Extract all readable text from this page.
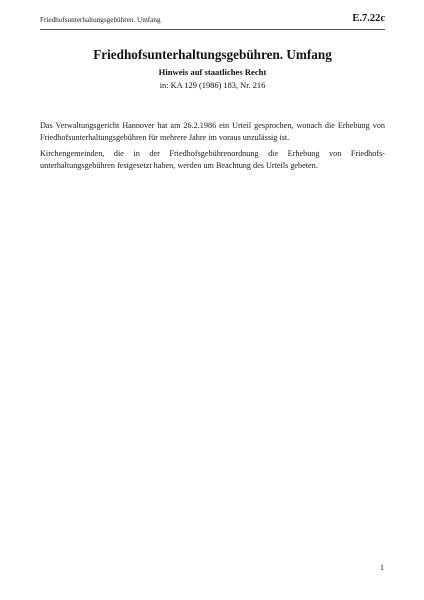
Friedhofsunterhaltungsgebühren. Umfang	E.7.22c
Friedhofsunterhaltungsgebühren. Umfang
Hinweis auf staatliches Recht
in: KA 129 (1986) 183, Nr. 216

Das Verwaltungsgericht Hannover hat am 26.2.1986 ein Urteil gesprochen, wonach die Erhebung von Friedhofsunterhaltungsgebühren für mehrere Jahre im voraus unzulässig ist.

Kirchengemeinden, die in der Friedhofsgebührenordnung die Erhebung von Friedhofs-unterhaltungsgebühren festgesetzt haben, werden um Beachtung des Urteils gebeten.

1
